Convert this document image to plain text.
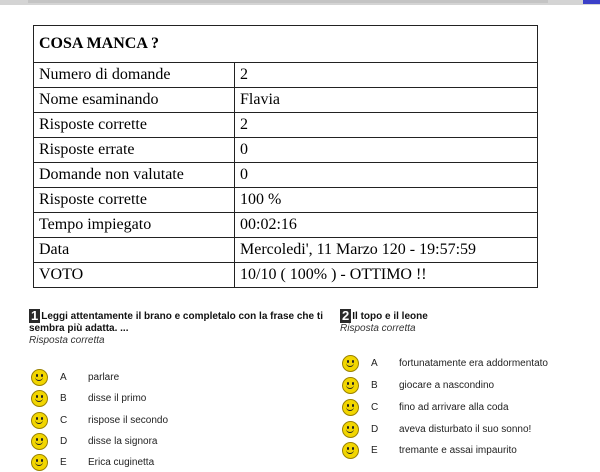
COSA MANCA ?	
Numero di domande	2
Nome esaminando	Flavia
Risposte corrette	2
Risposte errate	0
Domande non valutate	0
Risposte corrette	100 %
Tempo impiegato	00:02:16
Data	Mercoledi', 11 Marzo 120 - 19:57:59
VOTO	10/10 ( 100% ) - OTTIMO !!
1 Leggi attentamente il brano e completalo con la frase che ti sembra più adatta. ...
Risposta corretta
A parlare
B disse il primo
C rispose il secondo
D disse la signora
E Erica cuginetta
2 Il topo e il leone
Risposta corretta
A fortunatamente era addormentato
B giocare a nascondino
C fino ad arrivare alla coda
D aveva disturbato il suo sonno!
E tremante e assai impaurito
